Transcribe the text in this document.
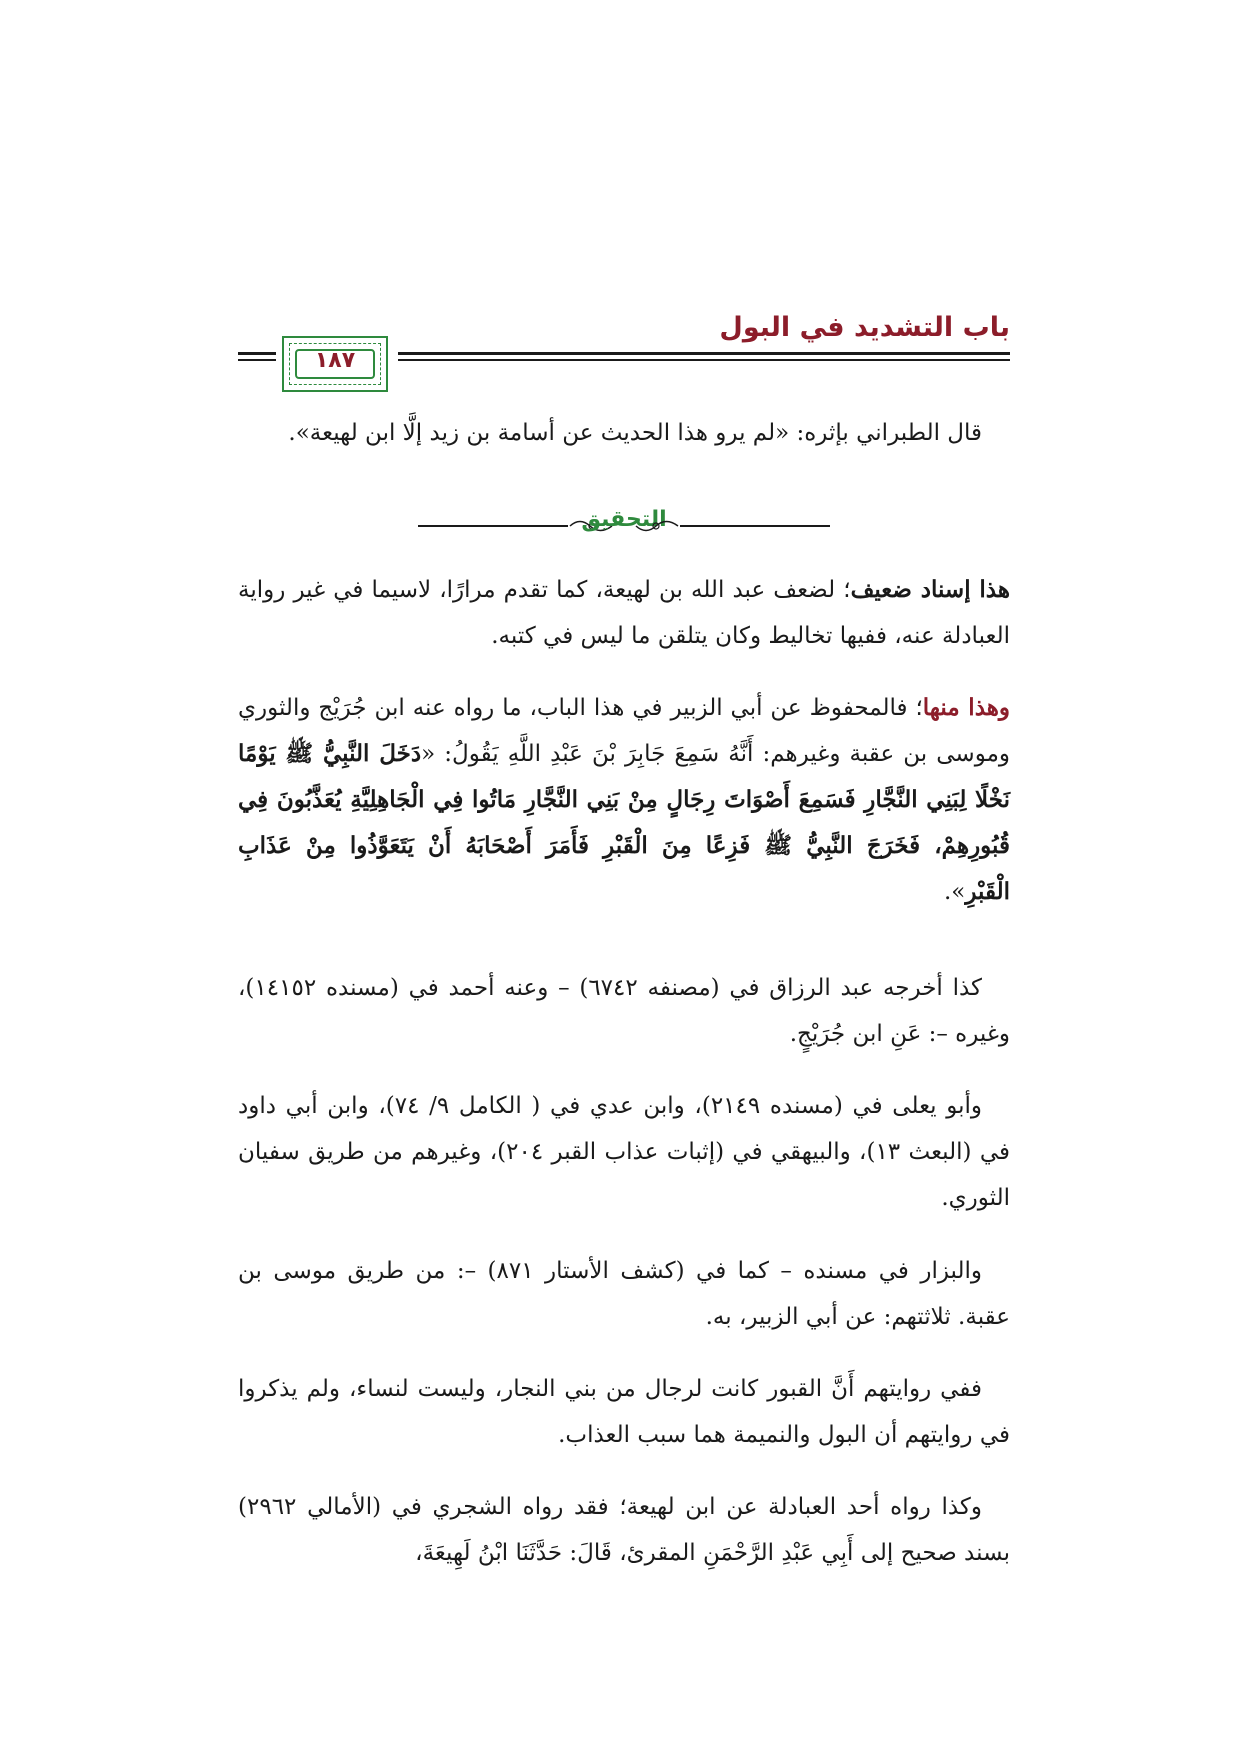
باب التشديد في البول
١٨٧

قال الطبراني بإثره: «لم يرو هذا الحديث عن أسامة بن زيد إلَّا ابن لهيعة».

التحقيق

هذا إسناد ضعيف؛ لضعف عبد الله بن لهيعة، كما تقدم مرارًا، لاسيما في غير رواية العبادلة عنه، ففيها تخاليط وكان يتلقن ما ليس في كتبه.

وهذا منها؛ فالمحفوظ عن أبي الزبير في هذا الباب، ما رواه عنه ابن جُرَيْج والثوري وموسى بن عقبة وغيرهم: أَنَّهُ سَمِعَ جَابِرَ بْنَ عَبْدِ اللَّهِ يَقُولُ: «دَخَلَ النَّبِيُّ ﷺ يَوْمًا نَخْلًا لِبَنِي النَّجَّارِ فَسَمِعَ أَصْوَاتَ رِجَالٍ مِنْ بَنِي النَّجَّارِ مَاتُوا فِي الْجَاهِلِيَّةِ يُعَذَّبُونَ فِي قُبُورِهِمْ، فَخَرَجَ النَّبِيُّ ﷺ فَزِعًا مِنَ الْقَبْرِ فَأَمَرَ أَصْحَابَهُ أَنْ يَتَعَوَّذُوا مِنْ عَذَابِ الْقَبْرِ».

كذا أخرجه عبد الرزاق في (مصنفه ٦٧٤٢) – وعنه أحمد في (مسنده ١٤١٥٢)، وغيره –: عَنِ ابن جُرَيْجٍ.

وأبو يعلى في (مسنده ٢١٤٩)، وابن عدي في ( الكامل ٩/ ٧٤)، وابن أبي داود في (البعث ١٣)، والبيهقي في (إثبات عذاب القبر ٢٠٤)، وغيرهم من طريق سفيان الثوري.

والبزار في مسنده – كما في (كشف الأستار ٨٧١) –: من طريق موسى بن عقبة. ثلاثتهم: عن أبي الزبير، به.

ففي روايتهم أَنَّ القبور كانت لرجال من بني النجار، وليست لنساء، ولم يذكروا في روايتهم أن البول والنميمة هما سبب العذاب.

وكذا رواه أحد العبادلة عن ابن لهيعة؛ فقد رواه الشجري في (الأمالي ٢٩٦٢) بسند صحيح إلى أَبِي عَبْدِ الرَّحْمَنِ المقرئ، قَالَ: حَدَّثَنَا ابْنُ لَهِيعَةَ،
